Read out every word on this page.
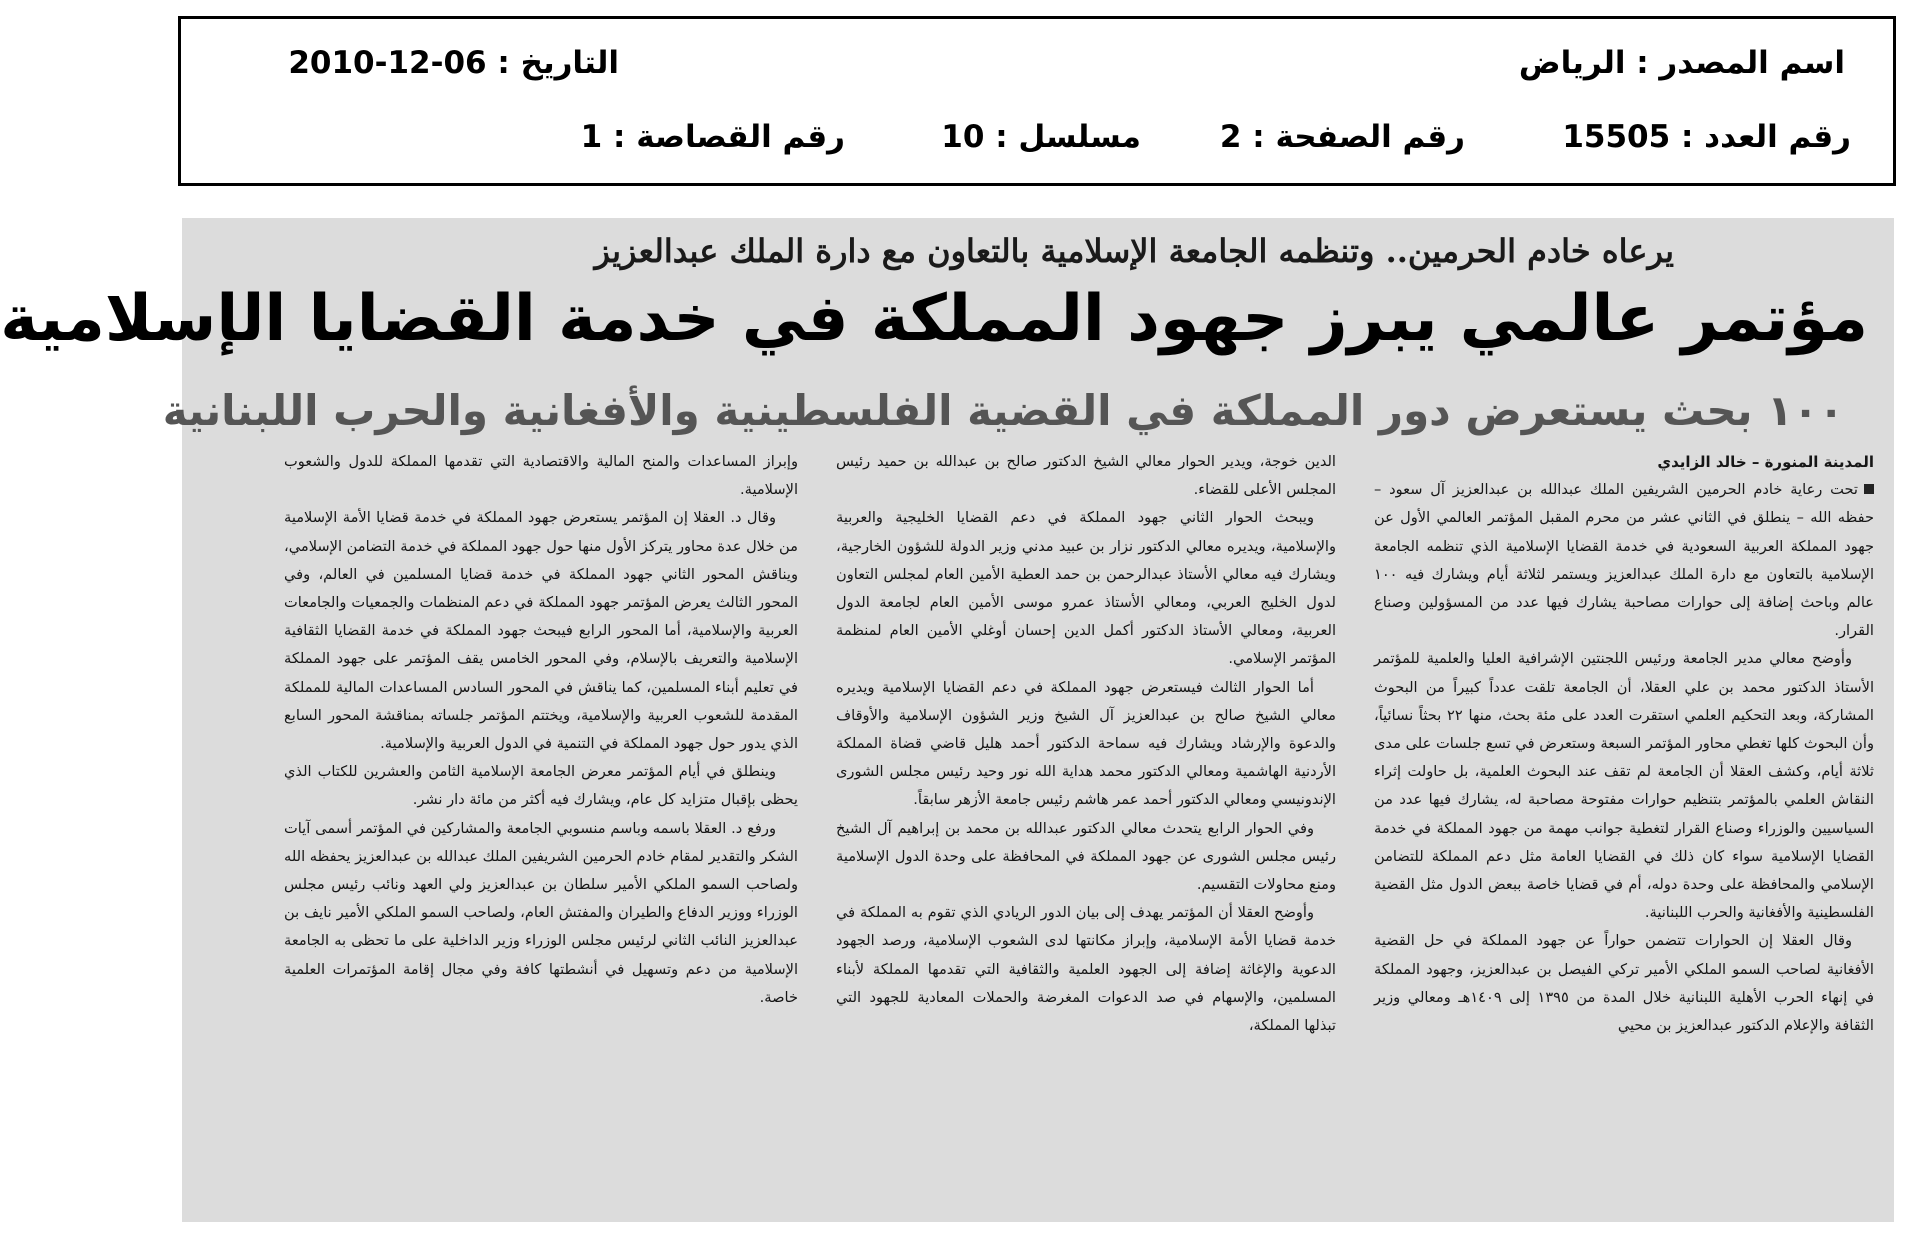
اسم المصدر : الرياض
التاريخ : 06-12-2010
رقم العدد : 15505
رقم الصفحة : 2
مسلسل : 10
رقم القصاصة : 1
يرعاه خادم الحرمين.. وتنظمه الجامعة الإسلامية بالتعاون مع دارة الملك عبدالعزيز
مؤتمر عالمي يبرز جهود المملكة في خدمة القضايا الإسلامية
١٠٠ بحث يستعرض دور المملكة في القضية الفلسطينية والأفغانية والحرب اللبنانية

المدينة المنورة – خالد الزايدي

تحت رعاية خادم الحرمين الشريفين الملك عبدالله بن عبدالعزيز آل سعود – حفظه الله – ينطلق في الثاني عشر من محرم المقبل المؤتمر العالمي الأول عن جهود المملكة العربية السعودية في خدمة القضايا الإسلامية الذي تنظمه الجامعة الإسلامية بالتعاون مع دارة الملك عبدالعزيز ويستمر لثلاثة أيام ويشارك فيه ١٠٠ عالم وباحث إضافة إلى حوارات مصاحبة يشارك فيها عدد من المسؤولين وصناع القرار.

وأوضح معالي مدير الجامعة ورئيس اللجنتين الإشرافية العليا والعلمية للمؤتمر الأستاذ الدكتور محمد بن علي العقلا، أن الجامعة تلقت عدداً كبيراً من البحوث المشاركة، وبعد التحكيم العلمي استقرت العدد على مئة بحث، منها ٢٢ بحثاً نسائياً، وأن البحوث كلها تغطي محاور المؤتمر السبعة وستعرض في تسع جلسات على مدى ثلاثة أيام، وكشف العقلا أن الجامعة لم تقف عند البحوث العلمية، بل حاولت إثراء النقاش العلمي بالمؤتمر بتنظيم حوارات مفتوحة مصاحبة له، يشارك فيها عدد من السياسيين والوزراء وصناع القرار لتغطية جوانب مهمة من جهود المملكة في خدمة القضايا الإسلامية سواء كان ذلك في القضايا العامة مثل دعم المملكة للتضامن الإسلامي والمحافظة على وحدة دوله، أم في قضايا خاصة ببعض الدول مثل القضية الفلسطينية والأفغانية والحرب اللبنانية.

وقال العقلا إن الحوارات تتضمن حواراً عن جهود المملكة في حل القضية الأفغانية لصاحب السمو الملكي الأمير تركي الفيصل بن عبدالعزيز، وجهود المملكة في إنهاء الحرب الأهلية اللبنانية خلال المدة من ١٣٩٥ إلى ١٤٠٩هـ ومعالي وزير الثقافة والإعلام الدكتور عبدالعزيز بن محيي

الدين خوجة، ويدير الحوار معالي الشيخ الدكتور صالح بن عبدالله بن حميد رئيس المجلس الأعلى للقضاء.

ويبحث الحوار الثاني جهود المملكة في دعم القضايا الخليجية والعربية والإسلامية، ويديره معالي الدكتور نزار بن عبيد مدني وزير الدولة للشؤون الخارجية، ويشارك فيه معالي الأستاذ عبدالرحمن بن حمد العطية الأمين العام لمجلس التعاون لدول الخليج العربي، ومعالي الأستاذ عمرو موسى الأمين العام لجامعة الدول العربية، ومعالي الأستاذ الدكتور أكمل الدين إحسان أوغلي الأمين العام لمنظمة المؤتمر الإسلامي.

أما الحوار الثالث فيستعرض جهود المملكة في دعم القضايا الإسلامية ويديره معالي الشيخ صالح بن عبدالعزيز آل الشيخ وزير الشؤون الإسلامية والأوقاف والدعوة والإرشاد ويشارك فيه سماحة الدكتور أحمد هليل قاضي قضاة المملكة الأردنية الهاشمية ومعالي الدكتور محمد هداية الله نور وحيد رئيس مجلس الشورى الإندونيسي ومعالي الدكتور أحمد عمر هاشم رئيس جامعة الأزهر سابقاً.

وفي الحوار الرابع يتحدث معالي الدكتور عبدالله بن محمد بن إبراهيم آل الشيخ رئيس مجلس الشورى عن جهود المملكة في المحافظة على وحدة الدول الإسلامية ومنع محاولات التقسيم.

وأوضح العقلا أن المؤتمر يهدف إلى بيان الدور الريادي الذي تقوم به المملكة في خدمة قضايا الأمة الإسلامية، وإبراز مكانتها لدى الشعوب الإسلامية، ورصد الجهود الدعوية والإغاثة إضافة إلى الجهود العلمية والثقافية التي تقدمها المملكة لأبناء المسلمين، والإسهام في صد الدعوات المغرضة والحملات المعادية للجهود التي تبذلها المملكة،

وإبراز المساعدات والمنح المالية والاقتصادية التي تقدمها المملكة للدول والشعوب الإسلامية.

وقال د. العقلا إن المؤتمر يستعرض جهود المملكة في خدمة قضايا الأمة الإسلامية من خلال عدة محاور يتركز الأول منها حول جهود المملكة في خدمة التضامن الإسلامي، ويناقش المحور الثاني جهود المملكة في خدمة قضايا المسلمين في العالم، وفي المحور الثالث يعرض المؤتمر جهود المملكة في دعم المنظمات والجمعيات والجامعات العربية والإسلامية، أما المحور الرابع فيبحث جهود المملكة في خدمة القضايا الثقافية الإسلامية والتعريف بالإسلام، وفي المحور الخامس يقف المؤتمر على جهود المملكة في تعليم أبناء المسلمين، كما يناقش في المحور السادس المساعدات المالية للمملكة المقدمة للشعوب العربية والإسلامية، ويختتم المؤتمر جلساته بمناقشة المحور السابع الذي يدور حول جهود المملكة في التنمية في الدول العربية والإسلامية.

وينطلق في أيام المؤتمر معرض الجامعة الإسلامية الثامن والعشرين للكتاب الذي يحظى بإقبال متزايد كل عام، ويشارك فيه أكثر من مائة دار نشر.

ورفع د. العقلا باسمه وباسم منسوبي الجامعة والمشاركين في المؤتمر أسمى آيات الشكر والتقدير لمقام خادم الحرمين الشريفين الملك عبدالله بن عبدالعزيز يحفظه الله ولصاحب السمو الملكي الأمير سلطان بن عبدالعزيز ولي العهد ونائب رئيس مجلس الوزراء ووزير الدفاع والطيران والمفتش العام، ولصاحب السمو الملكي الأمير نايف بن عبدالعزيز النائب الثاني لرئيس مجلس الوزراء وزير الداخلية على ما تحظى به الجامعة الإسلامية من دعم وتسهيل في أنشطتها كافة وفي مجال إقامة المؤتمرات العلمية خاصة.
